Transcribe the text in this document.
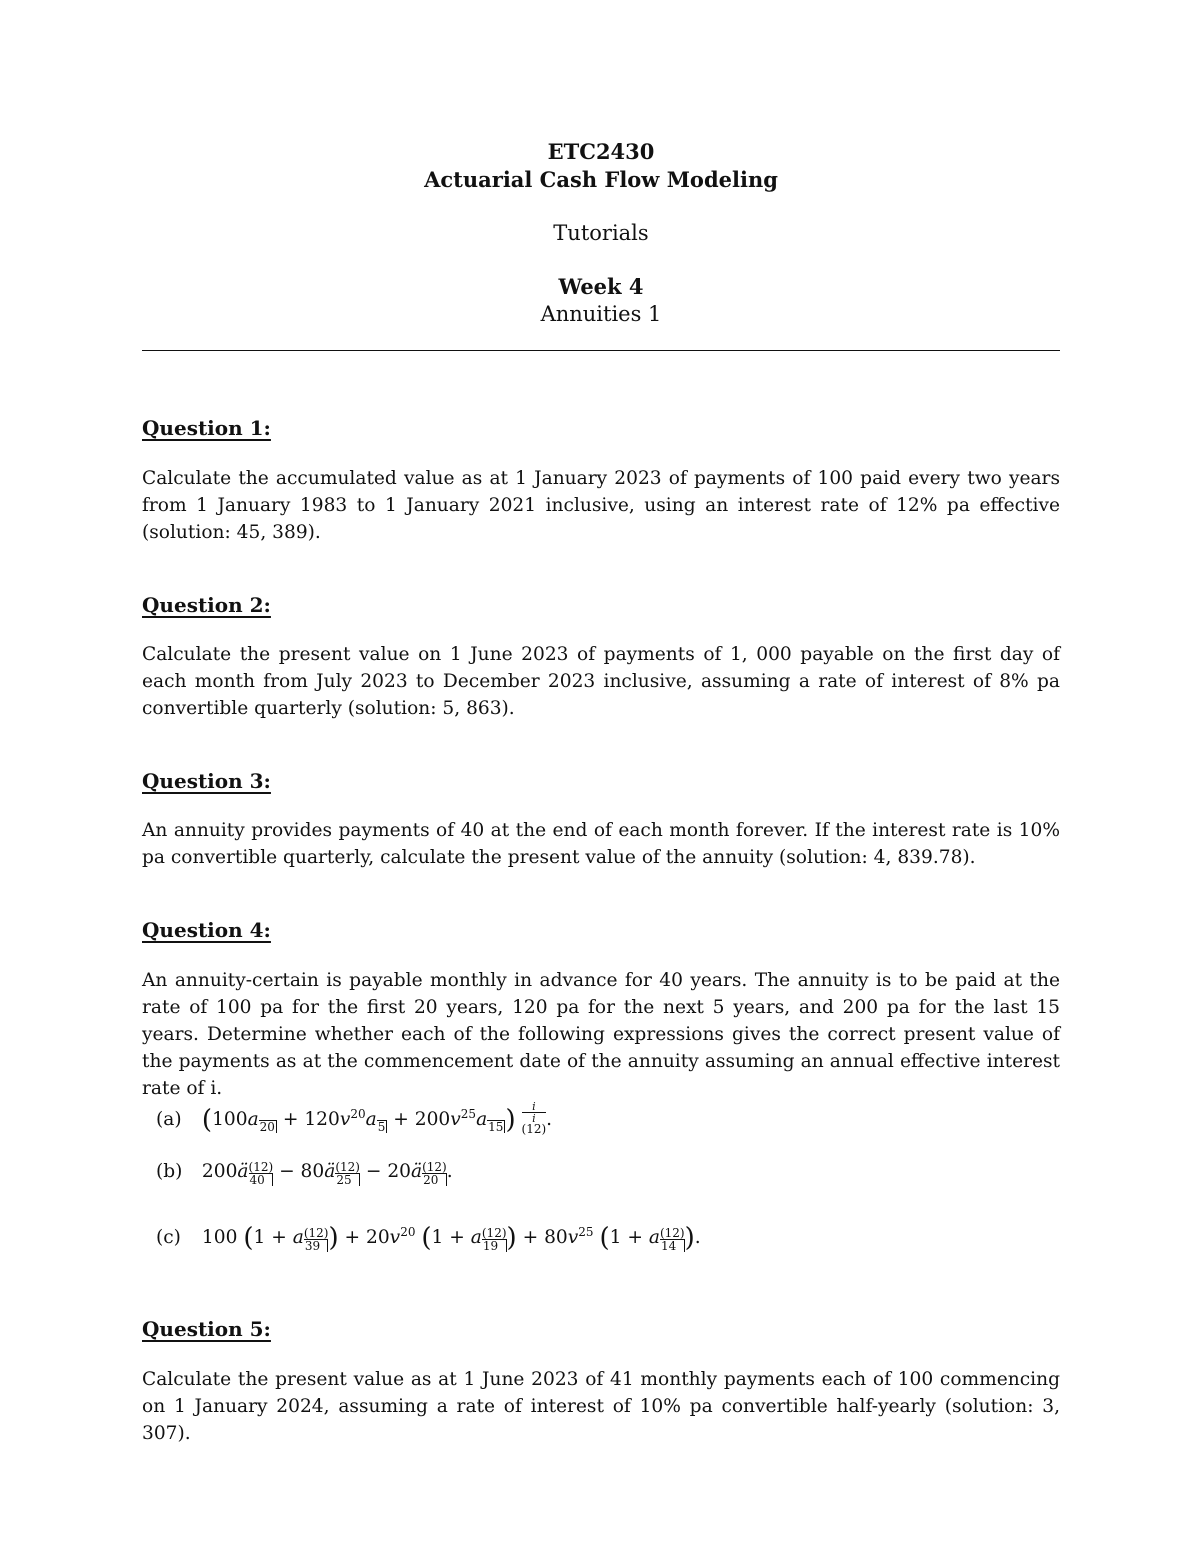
ETC2430
Actuarial Cash Flow Modeling
Tutorials
Week 4
Annuities 1
Question 1:
Calculate the accumulated value as at 1 January 2023 of payments of 100 paid every two years from 1 January 1983 to 1 January 2021 inclusive, using an interest rate of 12% pa effective (solution: 45, 389).
Question 2:
Calculate the present value on 1 June 2023 of payments of 1, 000 payable on the first day of each month from July 2023 to December 2023 inclusive, assuming a rate of interest of 8% pa convertible quarterly (solution: 5, 863).
Question 3:
An annuity provides payments of 40 at the end of each month forever. If the interest rate is 10% pa convertible quarterly, calculate the present value of the annuity (solution: 4, 839.78).
Question 4:
An annuity-certain is payable monthly in advance for 40 years. The annuity is to be paid at the rate of 100 pa for the first 20 years, 120 pa for the next 5 years, and 200 pa for the last 15 years. Determine whether each of the following expressions gives the correct present value of the payments as at the commencement date of the annuity assuming an annual effective interest rate of i.
(a) $(100a20 + 120v^{20}a5 + 200v^{25}a15)$	i
i
$^{(12)}$.
(b) 200ä $\frac{(12)}{40}$ − 80ä $\frac{(12)}{25}$ − 20ä $\frac{(12)}{20}$ .
(c) 100 (1 + a $\frac{(12)}{39}$ ) + $20v^{20}$ (1 + a $\frac{(12)}{19}$ ) + $80v^{25}$ (1 + a $\frac{(12)}{14}$ ).
Question 5:
Calculate the present value as at 1 June 2023 of 41 monthly payments each of 100 commencing on 1 January 2024, assuming a rate of interest of 10% pa convertible half-yearly (solution: 3, 307).
